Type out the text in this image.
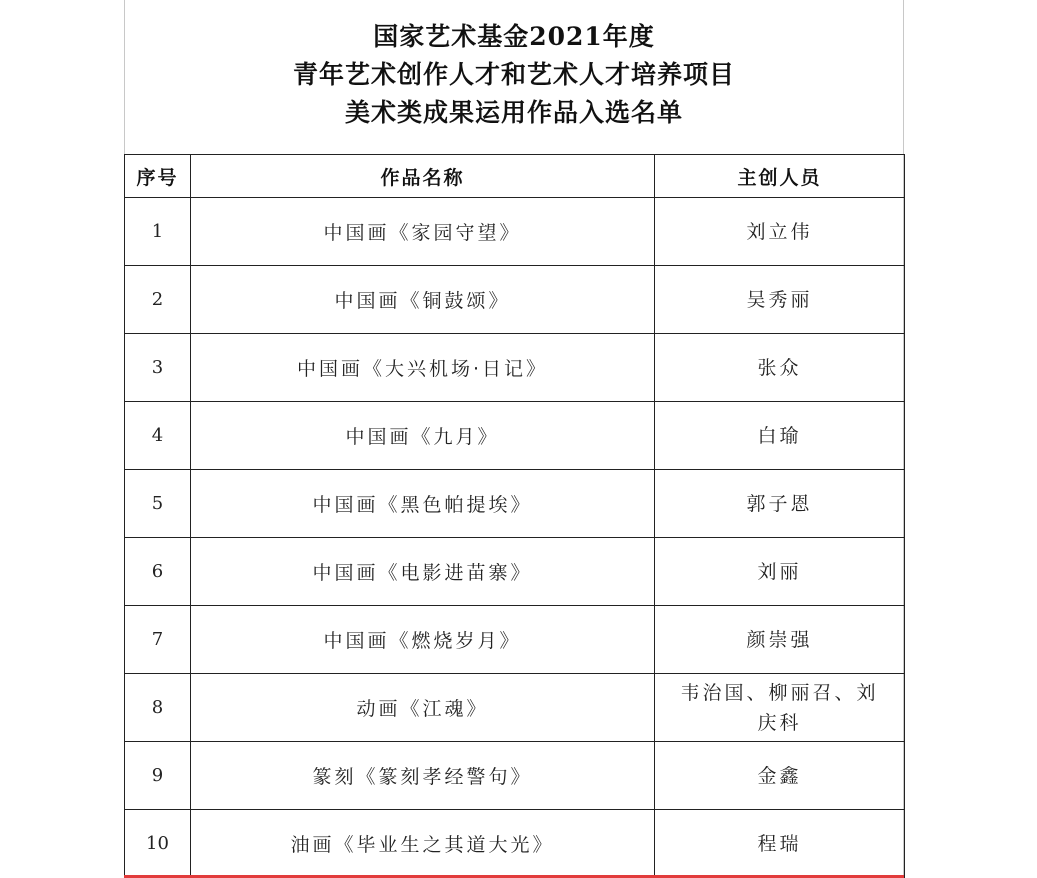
国家艺术基金2021年度
青年艺术创作人才和艺术人才培养项目
美术类成果运用作品入选名单
序号	作品名称	主创人员
1	中国画《家园守望》	刘立伟
2	中国画《铜鼓颂》	吴秀丽
3	中国画《大兴机场·日记》	张众
4	中国画《九月》	白瑜
5	中国画《黑色帕提埃》	郭子恩
6	中国画《电影进苗寨》	刘丽
7	中国画《燃烧岁月》	颜崇强
8	动画《江魂》	韦治国、柳丽召、刘庆科
9	篆刻《篆刻孝经警句》	金鑫
10	油画《毕业生之其道大光》	程瑞
